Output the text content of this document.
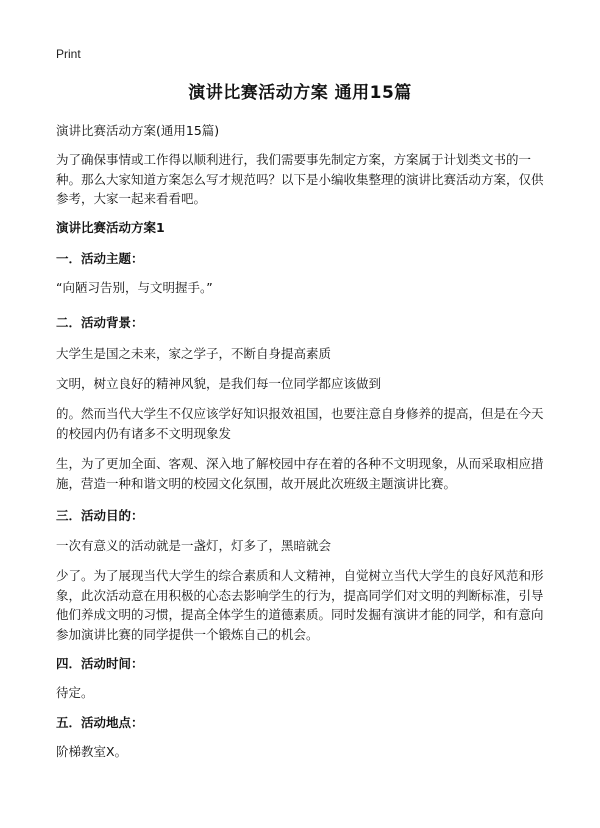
Print
演讲比赛活动方案 通用15篇
演讲比赛活动方案(通用15篇)

为了确保事情或工作得以顺利进行，我们需要事先制定方案，方案属于计划类文书的一种。那么大家知道方案怎么写才规范吗？以下是小编收集整理的演讲比赛活动方案，仅供参考，大家一起来看看吧。

演讲比赛活动方案1
一．活动主题：

“向陋习告别，与文明握手。”

二．活动背景：

大学生是国之未来，家之学子，不断自身提高素质

文明，树立良好的精神风貌，是我们每一位同学都应该做到

的。然而当代大学生不仅应该学好知识报效祖国，也要注意自身修养的提高，但是在今天的校园内仍有诸多不文明现象发

生，为了更加全面、客观、深入地了解校园中存在着的各种不文明现象，从而采取相应措施，营造一种和谐文明的校园文化氛围，故开展此次班级主题演讲比赛。

三．活动目的：

一次有意义的活动就是一盏灯，灯多了，黑暗就会

少了。为了展现当代大学生的综合素质和人文精神，自觉树立当代大学生的良好风范和形象，此次活动意在用积极的心态去影响学生的行为，提高同学们对文明的判断标准，引导他们养成文明的习惯，提高全体学生的道德素质。同时发掘有演讲才能的同学，和有意向参加演讲比赛的同学提供一个锻炼自己的机会。

四．活动时间：

待定。

五．活动地点：

阶梯教室X。
